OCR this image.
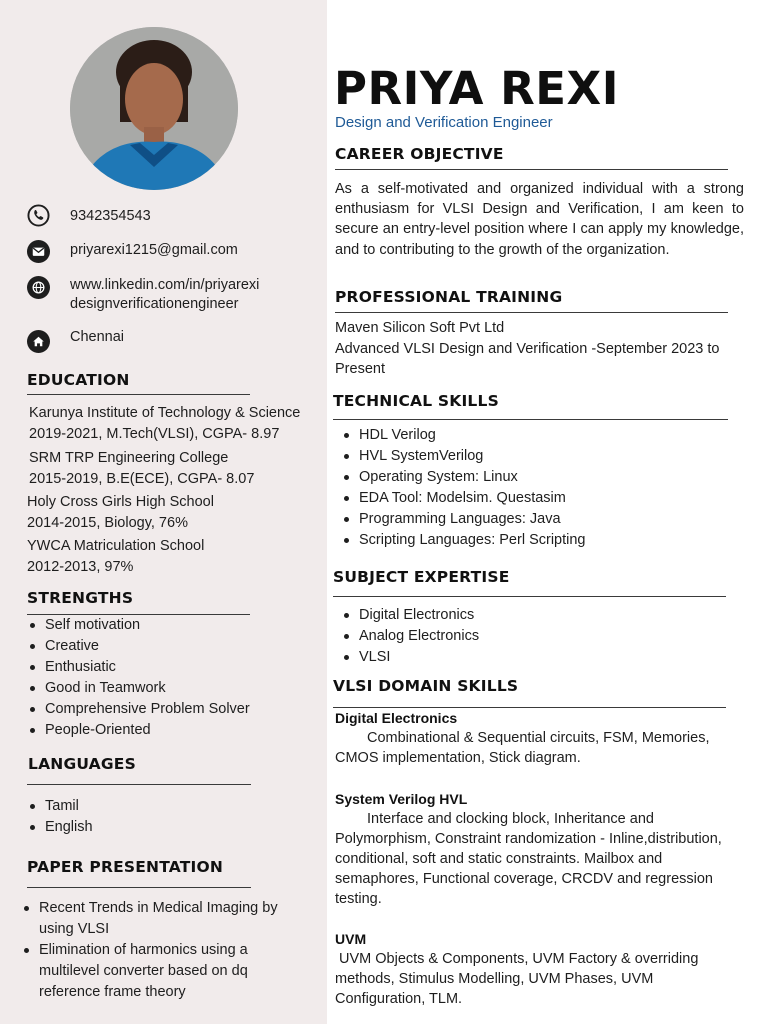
9342354543
priyarexi1215@gmail.com
www.linkedin.com/in/priyarexi
designverificationengineer
Chennai
EDUCATION
Karunya Institute of Technology & Science
2019-2021, M.Tech(VLSI), CGPA- 8.97
SRM TRP Engineering College
2015-2019, B.E(ECE), CGPA- 8.07
Holy Cross Girls High School
2014-2015, Biology, 76%
YWCA Matriculation School
2012-2013, 97%
STRENGTHS
Self motivation
Creative
Enthusiatic
Good in Teamwork
Comprehensive Problem Solver
People-Oriented
LANGUAGES
Tamil
English
PAPER PRESENTATION
Recent Trends in Medical Imaging by using VLSI
Elimination of harmonics using a multilevel converter based on dq reference frame theory
PRIYA REXI
Design and Verification Engineer
CAREER OBJECTIVE
As a self-motivated and organized individual with a strong enthusiasm for VLSI Design and Verification, I am keen to secure an entry-level position where I can apply my knowledge, and to contributing to the growth of the organization.
PROFESSIONAL TRAINING
Maven Silicon Soft Pvt Ltd
Advanced VLSI Design and Verification -September 2023 to Present
TECHNICAL SKILLS
HDL Verilog
HVL SystemVerilog
Operating System: Linux
EDA Tool: Modelsim. Questasim
Programming Languages: Java
Scripting Languages: Perl Scripting
SUBJECT EXPERTISE
Digital Electronics
Analog Electronics
VLSI
VLSI DOMAIN SKILLS
Digital Electronics
Combinational & Sequential circuits, FSM, Memories, CMOS implementation, Stick diagram.
System Verilog HVL
Interface and clocking block, Inheritance and Polymorphism, Constraint randomization - Inline,distribution, conditional, soft and static constraints. Mailbox and semaphores, Functional coverage, CRCDV and regression testing.
UVM
UVM Objects & Components, UVM Factory & overriding methods, Stimulus Modelling, UVM Phases, UVM Configuration, TLM.
